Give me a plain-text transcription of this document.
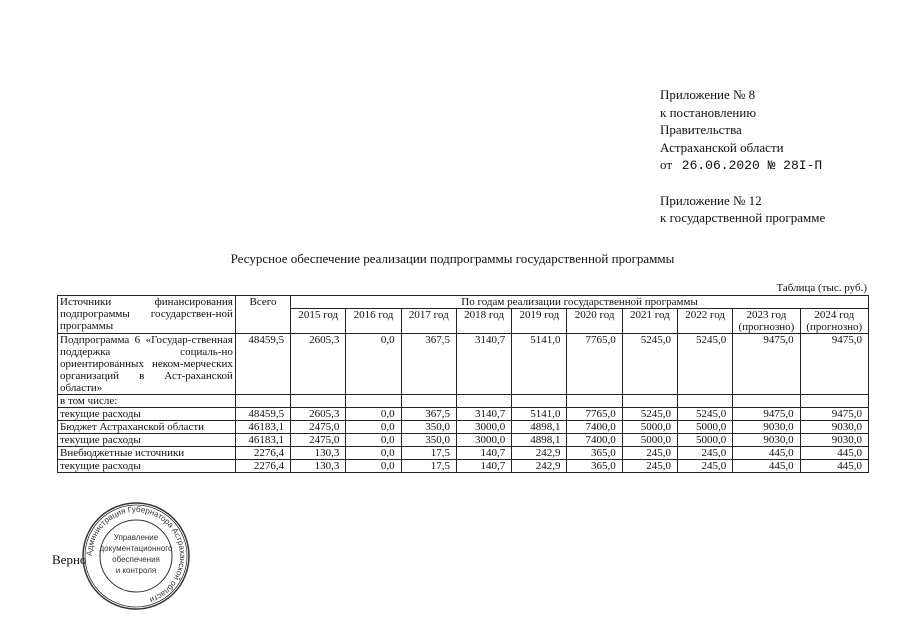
Приложение № 8
к постановлению
Правительства
Астраханской области
от 26.06.2020 № 28I-П
Приложение № 12
к государственной программе
Ресурсное обеспечение реализации подпрограммы государственной программы
Таблица (тыс. руб.)
Источники финансирования подпрограммы государствен-ной программы	Всего	По годам реализации государственной программы									
		2015 год	2016 год	2017 год	2018 год	2019 год	2020 год	2021 год	2022 год	2023 год (прогнозно)	2024 год (прогнозно)
Подпрограмма 6 «Государ-ственная поддержка социаль-но ориентированных неком-мерческих организаций в Аст-раханской области»	48459,5	2605,3	0,0	367,5	3140,7	5141,0	7765,0	5245,0	5245,0	9475,0	9475,0
в том числе:											
текущие расходы	48459,5	2605,3	0,0	367,5	3140,7	5141,0	7765,0	5245,0	5245,0	9475,0	9475,0
Бюджет Астраханской области	46183,1	2475,0	0,0	350,0	3000,0	4898,1	7400,0	5000,0	5000,0	9030,0	9030,0
текущие расходы	46183,1	2475,0	0,0	350,0	3000,0	4898,1	7400,0	5000,0	5000,0	9030,0	9030,0
Внебюджетные источники	2276,4	130,3	0,0	17,5	140,7	242,9	365,0	245,0	245,0	445,0	445,0
текущие расходы	2276,4	130,3	0,0	17,5	140,7	242,9	365,0	245,0	245,0	445,0	445,0
Верно
Администрация Губернатора Астраханской области
Управление документационного обеспечения и контроля
